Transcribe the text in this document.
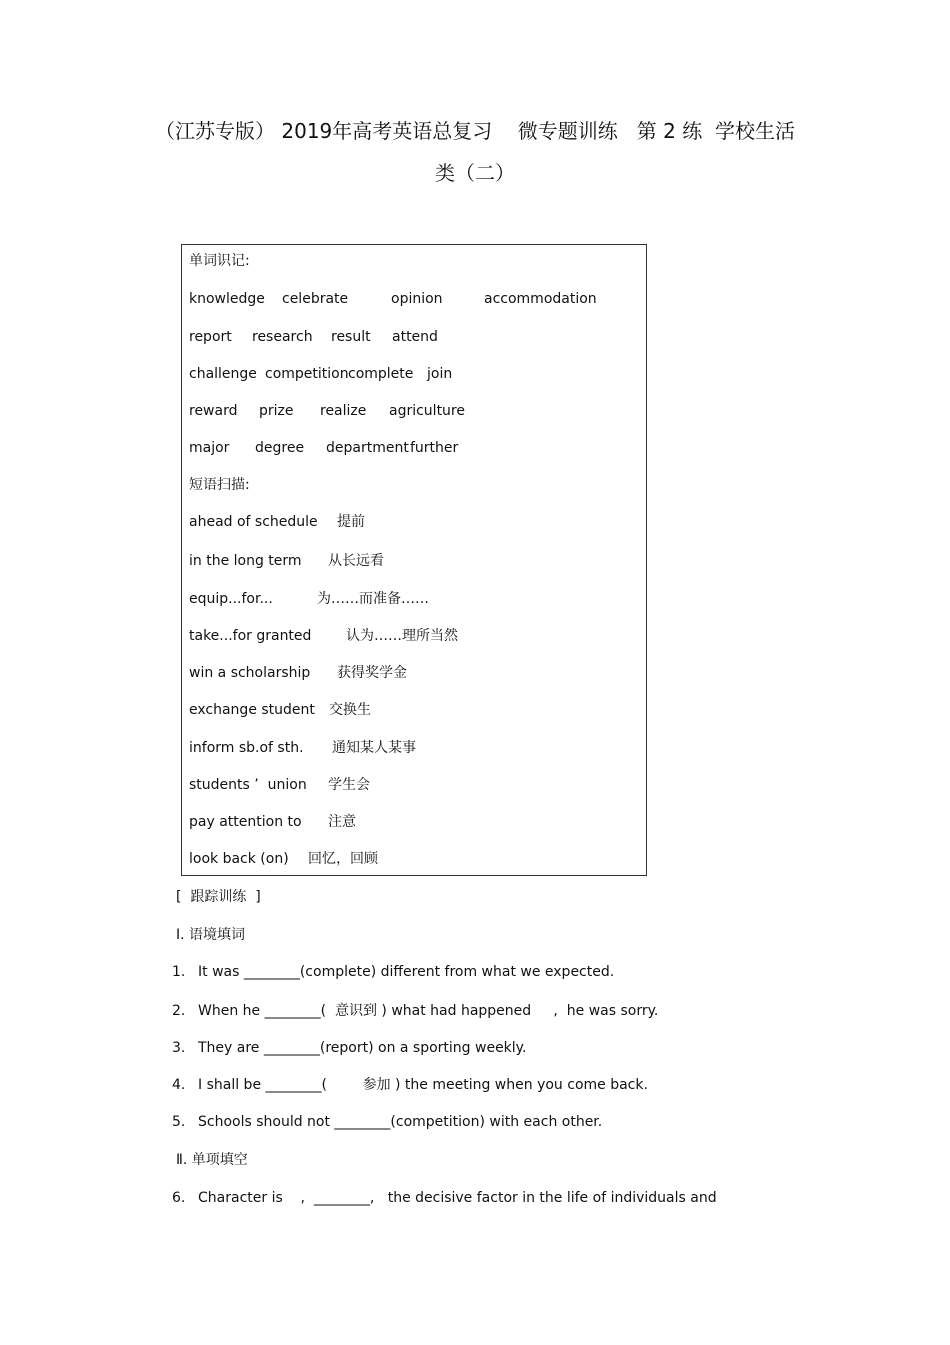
（江苏专版） 2019年高考英语总复习    微专题训练   第 2 练  学校生活
类（二）
单词识记:
knowledge celebrate	opinion	accommodation
report research result attend
challenge competition complete join
reward prize realize agriculture
major degree department further
短语扫描:
ahead of schedule 提前
in the long term 从长远看
equip...for...	为……而准备……
take...for granted 认为……理所当然
win a scholarship 获得奖学金
exchange student 交换生
inform sb.of sth. 通知某人某事
students ’  union 学生会
pay attention to 注意
look back (on) 回忆，回顾
[  跟踪训练  ]
Ⅰ. 语境填词
1. It was ________(complete) different from what we expected.
2. When he ________(  意识到 ) what had happened     ,  he was sorry.
3. They are ________(report) on a sporting weekly.
4. I shall be ________(        参加 ) the meeting when you come back.
5. Schools should not ________(competition) with each other.
Ⅱ. 单项填空
6. Character is    ,  ________,   the decisive factor in the life of individuals and
